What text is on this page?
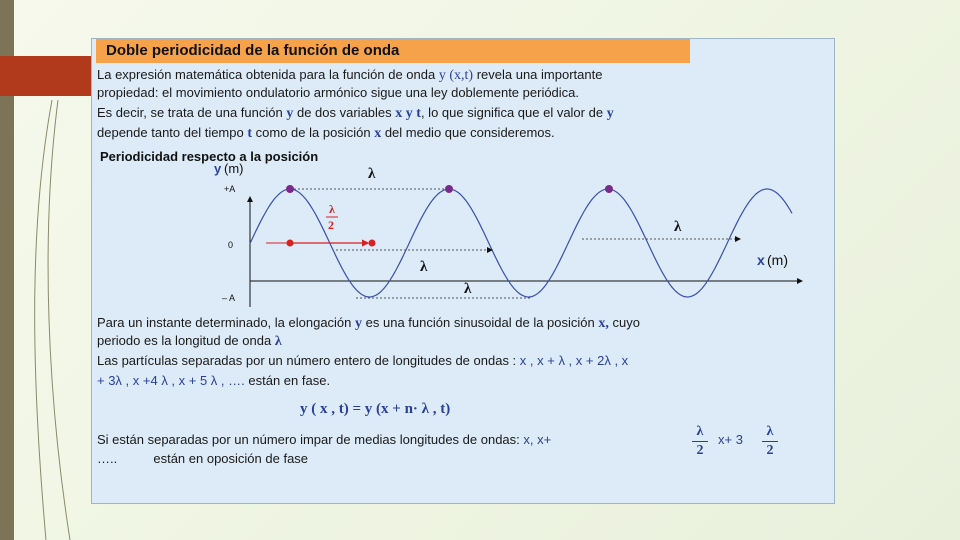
Doble periodicidad de la función de onda
La expresión matemática obtenida para la función de onda y (x,t) revela una importante
propiedad: el movimiento ondulatorio armónico sigue una ley doblemente periódica.
Es decir, se trata de una función y de dos variables x y t, lo que significa que el valor de y
depende tanto del tiempo t como de la posición x del medio que consideremos.
Periodicidad respecto a la posición
y (m)
+A
0
– A
x (m)
λ
λ
λ
λ
λ
2
Para un instante determinado, la elongación y es una función sinusoidal de la posición x, cuyo
periodo es la longitud de onda λ
Las partículas separadas por un número entero de longitudes de ondas : x , x + λ , x + 2λ , x
+ 3λ , x +4 λ , x + 5 λ , …. están en fase.
y ( x , t) = y (x + n· λ , t)
Si están separadas por un número impar de medias longitudes de ondas: x, x+
λ
2
x+ 3
λ
2
…..	están en oposición de fase
